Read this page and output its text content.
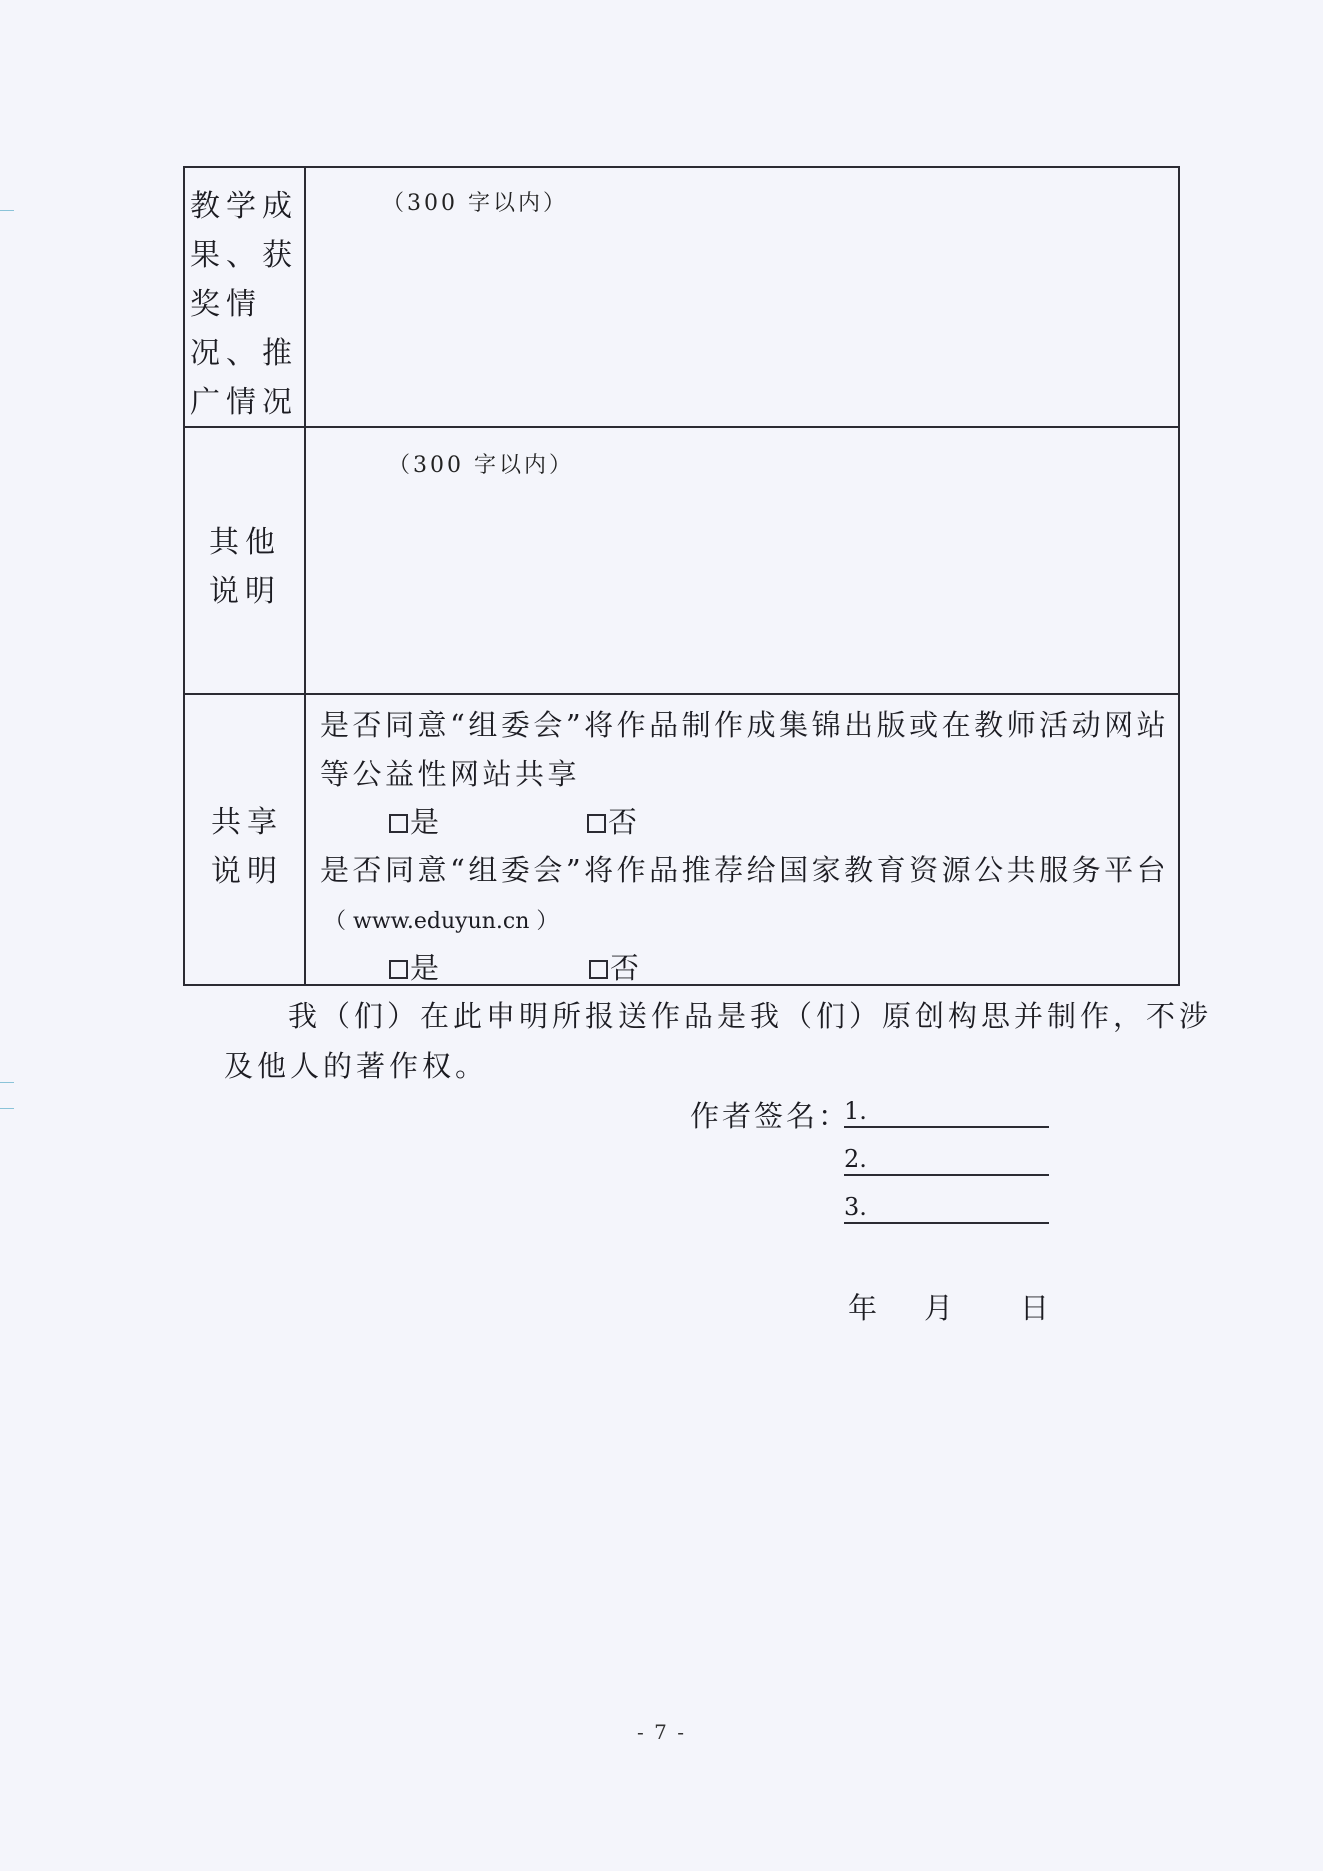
教学成
果、获
奖情
况、推
广情况
（300 字以内）
其他
说明
（300 字以内）
共享
说明
是否同意“组委会”将作品制作成集锦出版或在教师活动网站
等公益性网站共享
是	否
是否同意“组委会”将作品推荐给国家教育资源公共服务平台
（ www.eduyun.cn ）
是	否
我（们）在此申明所报送作品是我（们）原创构思并制作，不涉
及他人的著作权。
作者签名：
1.
2.
3.
年 月 日
- 7 -
